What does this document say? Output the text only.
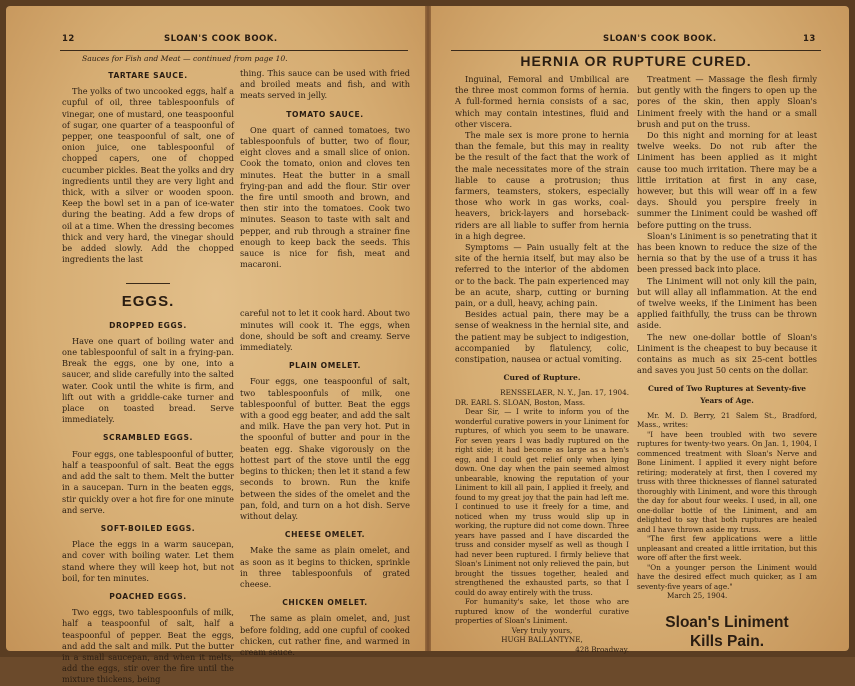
12	SLOAN'S COOK BOOK.
Sauces for Fish and Meat — continued from page 10.
TARTARE SAUCE.

The yolks of two uncooked eggs, half a cupful of oil, three tablespoonfuls of vinegar, one of mustard, one teaspoonful of sugar, one quarter of a teaspoonful of pepper, one teaspoonful of salt, one of onion juice, one tablespoonful of chopped capers, one of chopped cucumber pickles. Beat the yolks and dry ingredients until they are very light and thick, with a silver or wooden spoon. Keep the bowl set in a pan of ice-water during the beating. Add a few drops of oil at a time. When the dressing becomes thick and very hard, the vinegar should be added slowly. Add the chopped ingredients the last

EGGS.
DROPPED EGGS.

Have one quart of boiling water and one tablespoonful of salt in a frying-pan. Break the eggs, one by one, into a saucer, and slide carefully into the salted water. Cook until the white is firm, and lift out with a griddle-cake turner and place on toasted bread. Serve immediately.

SCRAMBLED EGGS.

Four eggs, one tablespoonful of butter, half a teaspoonful of salt. Beat the eggs and add the salt to them. Melt the butter in a saucepan. Turn in the beaten eggs, stir quickly over a hot fire for one minute and serve.

SOFT-BOILED EGGS.

Place the eggs in a warm saucepan, and cover with boiling water. Let them stand where they will keep hot, but not boil, for ten minutes.

POACHED EGGS.

Two eggs, two tablespoonfuls of milk, half a teaspoonful of salt, half a teaspoonful of pepper. Beat the eggs, and add the salt and milk. Put the butter in a small saucepan, and when it melts, add the eggs, stir over the fire until the mixture thickens, being

thing. This sauce can be used with fried and broiled meats and fish, and with meats served in jelly.

TOMATO SAUCE.

One quart of canned tomatoes, two tablespoonfuls of butter, two of flour, eight cloves and a small slice of onion. Cook the tomato, onion and cloves ten minutes. Heat the butter in a small frying-pan and add the flour. Stir over the fire until smooth and brown, and then stir into the tomatoes. Cook two minutes. Season to taste with salt and pepper, and rub through a strainer fine enough to keep back the seeds. This sauce is nice for fish, meat and macaroni.

careful not to let it cook hard. About two minutes will cook it. The eggs, when done, should be soft and creamy. Serve immediately.

PLAIN OMELET.

Four eggs, one teaspoonful of salt, two tablespoonfuls of milk, one tablespoonful of butter. Beat the eggs with a good egg beater, and add the salt and milk. Have the pan very hot. Put in the spoonful of butter and pour in the beaten egg. Shake vigorously on the hottest part of the stove until the egg begins to thicken; then let it stand a few seconds to brown. Run the knife between the sides of the omelet and the pan, fold, and turn on a hot dish. Serve without delay.

CHEESE OMELET.

Make the same as plain omelet, and as soon as it begins to thicken, sprinkle in three tablespoonfuls of grated cheese.

CHICKEN OMELET.

The same as plain omelet, and, just before folding, add one cupful of cooked chicken, cut rather fine, and warmed in cream sauce.

SLOAN'S COOK BOOK.	13
HERNIA OR RUPTURE CURED.

Inguinal, Femoral and Umbilical are the three most common forms of hernia. A full-formed hernia consists of a sac, which may contain intestines, fluid and other viscera.

The male sex is more prone to hernia than the female, but this may in reality be the result of the fact that the work of the male necessitates more of the strain liable to cause a protrusion; thus farmers, teamsters, stokers, especially those who work in gas works, coal-heavers, brick-layers and horseback-riders are all liable to suffer from hernia in a high degree.

Symptoms — Pain usually felt at the site of the hernia itself, but may also be referred to the interior of the abdomen or to the back. The pain experienced may be an acute, sharp, cutting or burning pain, or a dull, heavy, aching pain.

Besides actual pain, there may be a sense of weakness in the hernial site, and the patient may be subject to indigestion, accompanied by flatulency, colic, constipation, nausea or actual vomiting.

Cured of Rupture.
RENSSELAER, N. Y., Jan. 17, 1904.
DR. EARL S. SLOAN, Boston, Mass.

Dear Sir, — I write to inform you of the wonderful curative powers in your Liniment for ruptures, of which you seem to be unaware. For seven years I was badly ruptured on the right side; it had become as large as a hen's egg, and I could get relief only when lying down. One day when the pain seemed almost unbearable, knowing the reputation of your Liniment to kill all pain, I applied it freely, and found to my great joy that the pain had left me. I continued to use it freely for a time, and noticed when my truss would slip up in working, the rupture did not come down. Three years have passed and I have discarded the truss and consider myself as well as though I had never been ruptured. I firmly believe that Sloan's Liniment not only relieved the pain, but brought the tissues together, healed and strengthened the exhausted parts, so that I could do away entirely with the truss.

For humanity's sake, let those who are ruptured know of the wonderful curative properties of Sloan's Liniment.

Very truly yours,
HUGH BALLANTYNE,
428 Broadway.

Treatment — Massage the flesh firmly but gently with the fingers to open up the pores of the skin, then apply Sloan's Liniment freely with the hand or a small brush and put on the truss.

Do this night and morning for at least twelve weeks. Do not rub after the Liniment has been applied as it might cause too much irritation. There may be a little irritation at first in any case, however, but this will wear off in a few days. Should you perspire freely in summer the Liniment could be washed off before putting on the truss.

Sloan's Liniment is so penetrating that it has been known to reduce the size of the hernia so that by the use of a truss it has been pressed back into place.

The Liniment will not only kill the pain, but will allay all inflammation. At the end of twelve weeks, if the Liniment has been applied faithfully, the truss can be thrown aside.

The new one-dollar bottle of Sloan's Liniment is the cheapest to buy because it contains as much as six 25-cent bottles and saves you just 50 cents on the dollar.

Cured of Two Ruptures at Seventy-five Years of Age.

Mr. M. D. Berry, 21 Salem St., Bradford, Mass., writes:

"I have been troubled with two severe ruptures for twenty-two years. On Jan. 1, 1904, I commenced treatment with Sloan's Nerve and Bone Liniment. I applied it every night before retiring; moderately at first, then I covered my truss with three thicknesses of flannel saturated thoroughly with Liniment, and wore this through the day for about four weeks. I used, in all, one one-dollar bottle of the Liniment, and am delighted to say that both ruptures are healed and I have thrown aside my truss.

"The first few applications were a little unpleasant and created a little irritation, but this wore off after the first week.

"On a younger person the Liniment would have the desired effect much quicker, as I am seventy-five years of age."

March 25, 1904.
Sloan's Liniment
Kills Pain.
